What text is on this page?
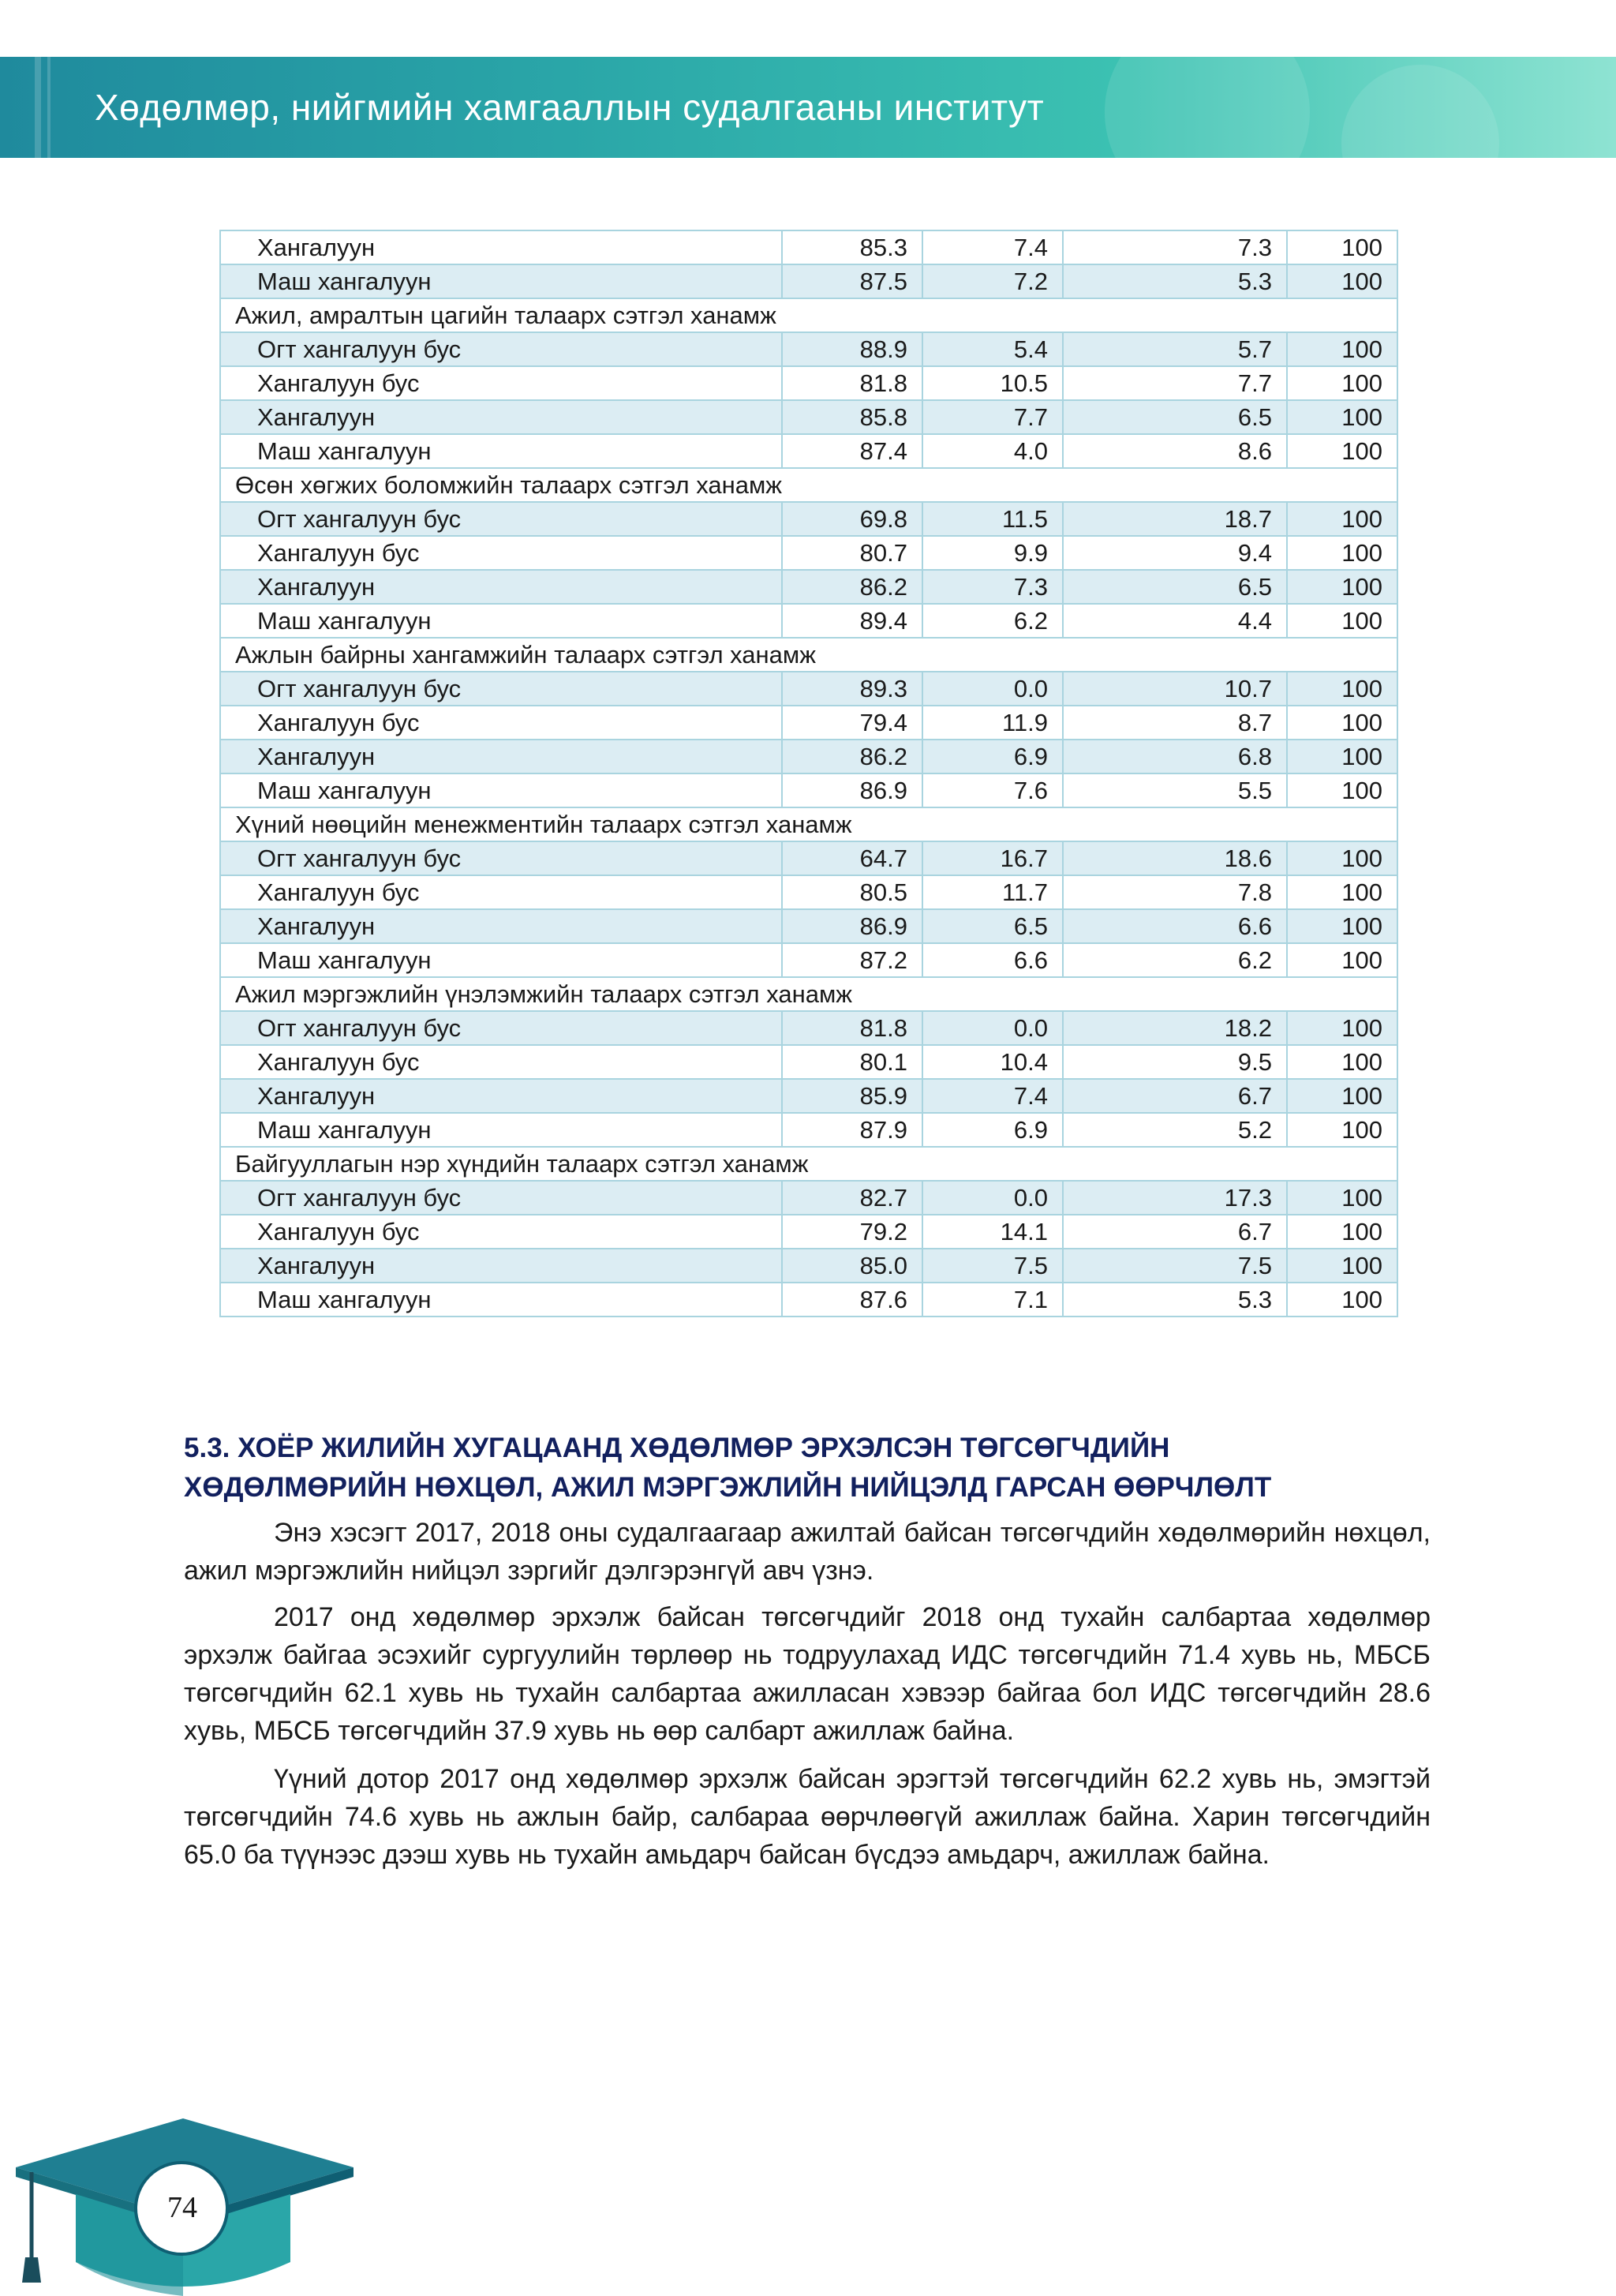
Хөдөлмөр, нийгмийн хамгааллын судалгааны институт
Хангалуун	85.3	7.4	7.3	100
Маш хангалуун	87.5	7.2	5.3	100
Ажил, амралтын цагийн талаарх сэтгэл ханамж				
Огт хангалуун бус	88.9	5.4	5.7	100
Хангалуун бус	81.8	10.5	7.7	100
Хангалуун	85.8	7.7	6.5	100
Маш хангалуун	87.4	4.0	8.6	100
Өсөн хөгжих боломжийн талаарх сэтгэл ханамж				
Огт хангалуун бус	69.8	11.5	18.7	100
Хангалуун бус	80.7	9.9	9.4	100
Хангалуун	86.2	7.3	6.5	100
Маш хангалуун	89.4	6.2	4.4	100
Ажлын байрны хангамжийн талаарх сэтгэл ханамж				
Огт хангалуун бус	89.3	0.0	10.7	100
Хангалуун бус	79.4	11.9	8.7	100
Хангалуун	86.2	6.9	6.8	100
Маш хангалуун	86.9	7.6	5.5	100
Хүний нөөцийн менежментийн талаарх сэтгэл ханамж				
Огт хангалуун бус	64.7	16.7	18.6	100
Хангалуун бус	80.5	11.7	7.8	100
Хангалуун	86.9	6.5	6.6	100
Маш хангалуун	87.2	6.6	6.2	100
Ажил мэргэжлийн үнэлэмжийн талаарх сэтгэл ханамж				
Огт хангалуун бус	81.8	0.0	18.2	100
Хангалуун бус	80.1	10.4	9.5	100
Хангалуун	85.9	7.4	6.7	100
Маш хангалуун	87.9	6.9	5.2	100
Байгууллагын нэр хүндийн талаарх сэтгэл ханамж				
Огт хангалуун бус	82.7	0.0	17.3	100
Хангалуун бус	79.2	14.1	6.7	100
Хангалуун	85.0	7.5	7.5	100
Маш хангалуун	87.6	7.1	5.3	100
5.3. ХОЁР ЖИЛИЙН ХУГАЦААНД ХӨДӨЛМӨР ЭРХЭЛСЭН ТӨГСӨГЧДИЙН
ХӨДӨЛМӨРИЙН НӨХЦӨЛ, АЖИЛ МЭРГЭЖЛИЙН НИЙЦЭЛД ГАРСАН ӨӨРЧЛӨЛТ
Энэ хэсэгт 2017, 2018 оны судалгаагаар ажилтай байсан төгсөгчдийн хөдөлмөрийн нөхцөл, ажил мэргэжлийн нийцэл зэргийг дэлгэрэнгүй авч үзнэ.
2017 онд хөдөлмөр эрхэлж байсан төгсөгчдийг 2018 онд тухайн салбартаа хөдөлмөр эрхэлж байгаа эсэхийг сургуулийн төрлөөр нь тодруулахад ИДС төгсөгчдийн 71.4 хувь нь, МБСБ төгсөгчдийн 62.1 хувь нь тухайн салбартаа ажилласан хэвээр байгаа бол ИДС төгсөгчдийн 28.6 хувь, МБСБ төгсөгчдийн 37.9 хувь нь өөр салбарт ажиллаж байна.
Үүний дотор 2017 онд хөдөлмөр эрхэлж байсан эрэгтэй төгсөгчдийн 62.2 хувь нь, эмэгтэй төгсөгчдийн 74.6 хувь нь ажлын байр, салбараа өөрчлөөгүй ажиллаж байна. Харин төгсөгчдийн 65.0 ба түүнээс дээш хувь нь тухайн амьдарч байсан бүсдээ амьдарч, ажиллаж байна.
74
